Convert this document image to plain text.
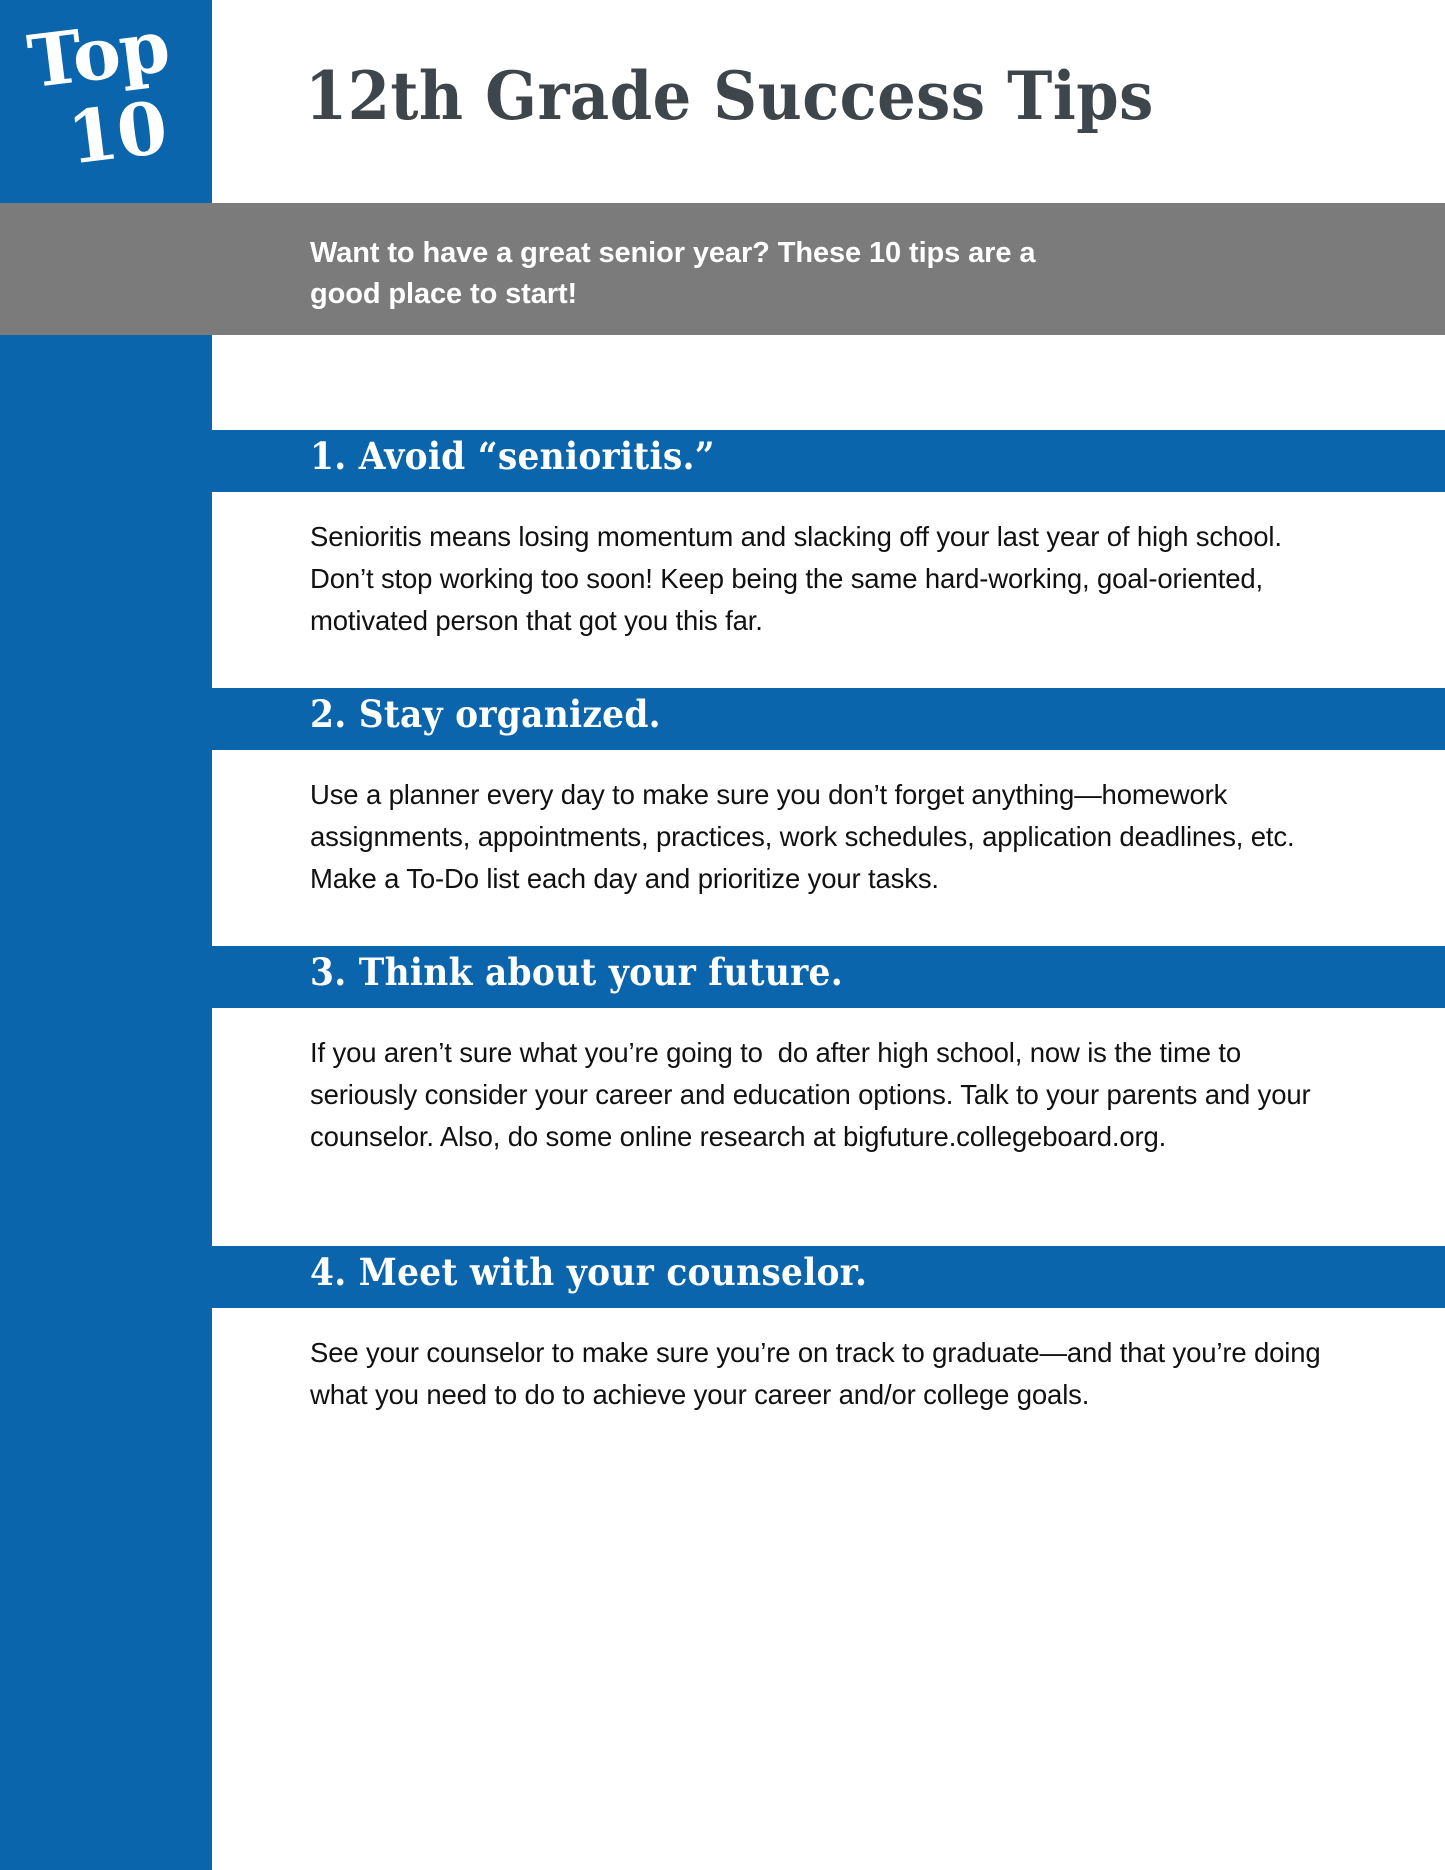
Top
10 12th Grade Success Tips
Want to have a great senior year? These 10 tips are a good place to start!
1. Avoid “senioritis.”

Senioritis means losing momentum and slacking off your last year of high school. Don’t stop working too soon! Keep being the same hard-working, goal-oriented, motivated person that got you this far.

2. Stay organized.

Use a planner every day to make sure you don’t forget anything—homework assignments, appointments, practices, work schedules, application deadlines, etc. Make a To-Do list each day and prioritize your tasks.

3. Think about your future.

If you aren’t sure what you’re going to  do after high school, now is the time to seriously consider your career and education options. Talk to your parents and your counselor. Also, do some online research at bigfuture.collegeboard.org.

4. Meet with your counselor.

See your counselor to make sure you’re on track to graduate—and that you’re doing what you need to do to achieve your career and/or college goals.
